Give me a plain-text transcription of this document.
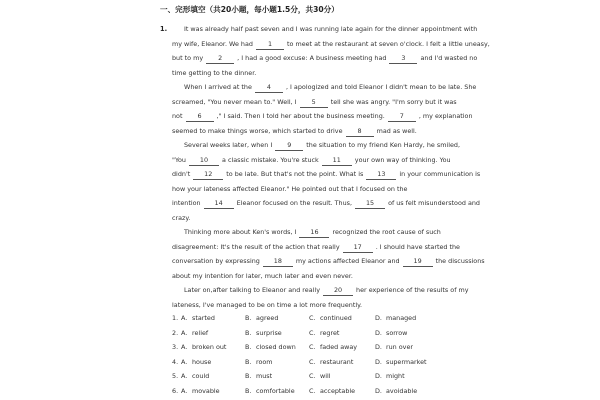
一、完形填空（共20小题，每小题1.5分，共30分）
1.	It was already half past seven and I was running late again for the dinner appointment with
my wife, Eleanor. We had 1 to meet at the restaurant at seven o'clock. I felt a little uneasy,
but to my 2 , I had a good excuse: A business meeting had 3 and I'd wasted no
time getting to the dinner.
When I arrived at the 4 , I apologized and told Eleanor I didn't mean to be late. She
screamed, "You never mean to." Well, I 5 tell she was angry. "I'm sorry but it was
not 6 ," I said. Then I told her about the business meeting. 7 , my explanation
seemed to make things worse, which started to drive 8 mad as well.
Several weeks later, when I 9 the situation to my friend Ken Hardy, he smiled,
"You 10 a classic mistake. You're stuck 11 your own way of thinking. You
didn't 12 to be late. But that's not the point. What is 13 in your communication is
how your lateness affected Eleanor." He pointed out that I focused on the
intention 14 Eleanor focused on the result. Thus, 15 of us felt misunderstood and
crazy.
Thinking more about Ken's words, I 16 recognized the root cause of such
disagreement: It's the result of the action that really 17 . I should have started the
conversation by expressing 18 my actions affected Eleanor and 19 the discussions
about my intention for later, much later and even never.
Later on,after talking to Eleanor and really 20 her experience of the results of my
lateness, I've managed to be on time a lot more frequently.
1. A. started	B. agreed	C. continued	D. managed
2. A. relief	B. surprise	C. regret	D. sorrow
3. A. broken out	B. closed down C. faded away	D. run over
4. A. house	B. room	C. restaurant	D. supermarket
5. A. could	B. must	C. will	D. might
6. A. movable	B. comfortable C. acceptable	D. avoidable
